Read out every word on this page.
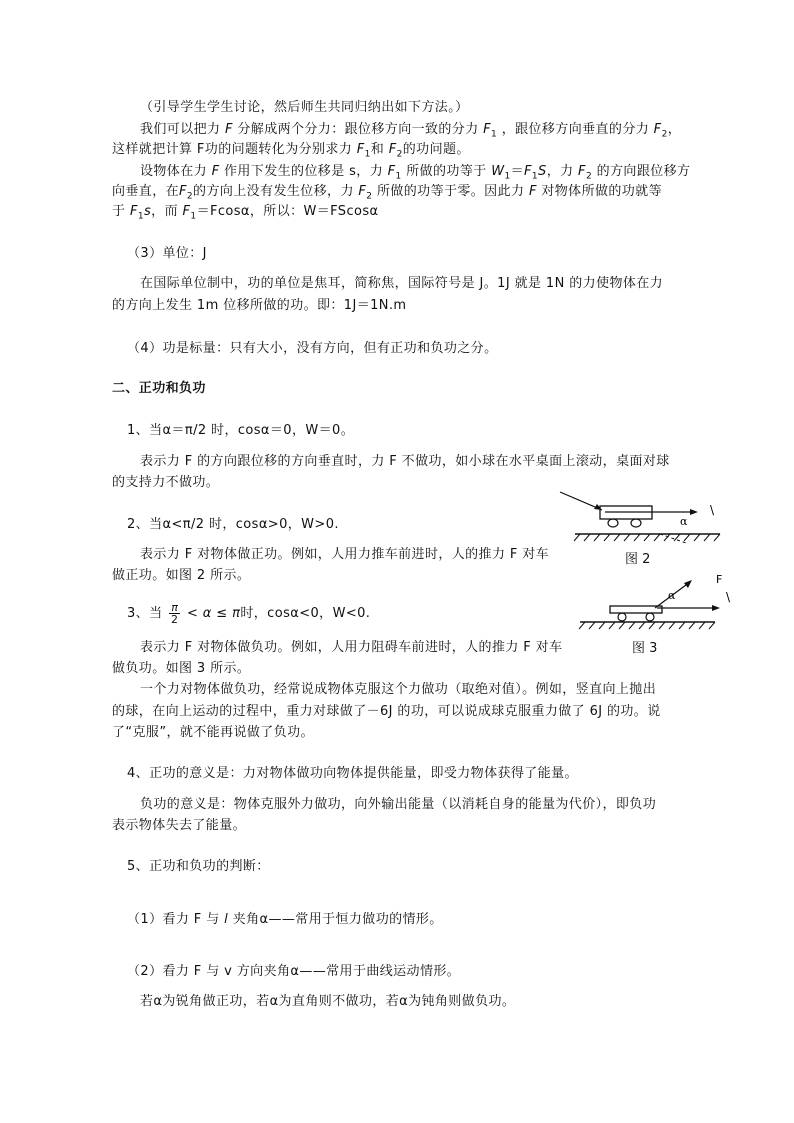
（引导学生学生讨论，然后师生共同归纳出如下方法。）

我们可以把力 F 分解成两个分力：跟位移方向一致的分力 $F_1$ ，跟位移方向垂直的分力 $F_2$，

这样就把计算 F功的问题转化为分别求力 $F_1$和 $F_2$的功问题。

设物体在力 F 作用下发生的位移是 s，力 $F_1$ 所做的功等于 $W_1=F_1S$，力 $F_2$ 的方向跟位移方

向垂直，在$F_2$的方向上没有发生位移，力 $F_2$ 所做的功等于零。因此力 F 对物体所做的功就等

于 $F_1s$，而 $F_1=Fcos\alpha$，所以：W＝FScosα

（3）单位：J

在国际单位制中，功的单位是焦耳，简称焦，国际符号是 J。1J 就是 1N 的力使物体在力

的方向上发生 1m 位移所做的功。即：1J＝1N.m

（4）功是标量：只有大小，没有方向，但有正功和负功之分。

二、正功和负功

1、当α＝π/2 时，cosα＝0，W＝0。

表示力 F 的方向跟位移的方向垂直时，力 F 不做功，如小球在水平桌面上滚动，桌面对球

的支持力不做功。

2、当α<π/2 时，cosα>0，W>0.

表示力 F 对物体做正功。例如，人用力推车前进时，人的推力 F 对车

做正功。如图 2 所示。

3、当 $\frac{\pi}{2} < \alpha \le \pi$时，cosα<0，W<0.

表示力 F 对物体做负功。例如，人用力阻碍车前进时，人的推力 F 对车

做负功。如图 3 所示。

一个力对物体做负功，经常说成物体克服这个力做功（取绝对值）。例如，竖直向上抛出

的球，在向上运动的过程中，重力对球做了－6J 的功，可以说成球克服重力做了 6J 的功。说

了“克服”，就不能再说做了负功。

4、正功的意义是：力对物体做功向物体提供能量，即受力物体获得了能量。

负功的意义是：物体克服外力做功，向外输出能量（以消耗自身的能量为代价），即负功

表示物体失去了能量。

5、正功和负功的判断：

（1）看力 F 与 l 夹角α——常用于恒力做功的情形。

（2）看力 F 与 v 方向夹角α——常用于曲线运动情形。

若α为锐角做正功，若α为直角则不做功，若α为钝角则做负功。

α
\
图 2
α
F
\
图 3
